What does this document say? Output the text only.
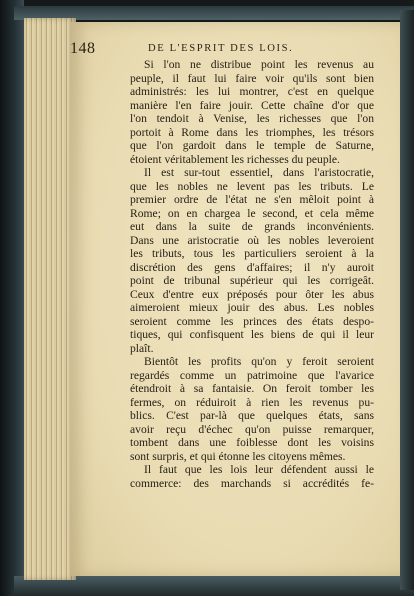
148	DE L'ESPRIT DES LOIS.
Si l'on ne distribue point les revenus au
peuple, il faut lui faire voir qu'ils sont bien
administrés: les lui montrer, c'est en quelque
manière l'en faire jouir. Cette chaîne d'or que
l'on tendoit à Venise, les richesses que l'on
portoit à Rome dans les triomphes, les trésors
que l'on gardoit dans le temple de Saturne,
étoient véritablement les richesses du peuple.
Il est sur-tout essentiel, dans l'aristocratie,
que les nobles ne levent pas les tributs. Le
premier ordre de l'état ne s'en mêloit point à
Rome; on en chargea le second, et cela même
eut dans la suite de grands inconvénients.
Dans une aristocratie où les nobles leveroient
les tributs, tous les particuliers seroient à la
discrétion des gens d'affaires; il n'y auroit
point de tribunal supérieur qui les corrigeât.
Ceux d'entre eux préposés pour ôter les abus
aimeroient mieux jouir des abus. Les nobles
seroient comme les princes des états despo-
tiques, qui confisquent les biens de qui il leur
plaît.
Bientôt les profits qu'on y feroit seroient
regardés comme un patrimoine que l'avarice
étendroit à sa fantaisie. On feroit tomber les
fermes, on réduiroit à rien les revenus pu-
blics. C'est par-là que quelques états, sans
avoir reçu d'échec qu'on puisse remarquer,
tombent dans une foiblesse dont les voisins
sont surpris, et qui étonne les citoyens mêmes.
Il faut que les lois leur défendent aussi le
commerce: des marchands si accrédités fe-
